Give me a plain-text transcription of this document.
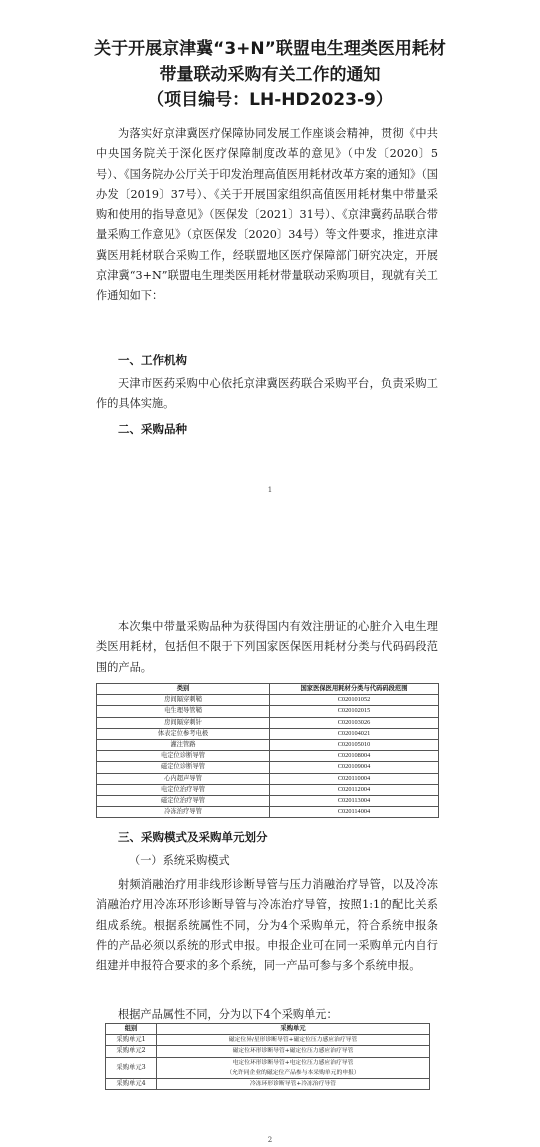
关于开展京津冀“3+N”联盟电生理类医用耗材
带量联动采购有关工作的通知
（项目编号：LH-HD2023-9）
为落实好京津冀医疗保障协同发展工作座谈会精神，贯彻《中共中央国务院关于深化医疗保障制度改革的意见》（中发〔2020〕5号）、《国务院办公厅关于印发治理高值医用耗材改革方案的通知》（国办发〔2019〕37号）、《关于开展国家组织高值医用耗材集中带量采购和使用的指导意见》（医保发〔2021〕31号）、《京津冀药品联合带量采购工作意见》（京医保发〔2020〕34号）等文件要求，推进京津冀医用耗材联合采购工作，经联盟地区医疗保障部门研究决定，开展京津冀“3+N”联盟电生理类医用耗材带量联动采购项目，现就有关工作通知如下：
一、工作机构
天津市医药采购中心依托京津冀医药联合采购平台，负责采购工作的具体实施。
二、采购品种
1
本次集中带量采购品种为获得国内有效注册证的心脏介入电生理类医用耗材，包括但不限于下列国家医保医用耗材分类与代码码段范围的产品。
类别	国家医保医用耗材分类与代码码段范围
房间隔穿刺鞘	C020101052
电生理导管鞘	C020102015
房间隔穿刺针	C020103026
体表定位参考电极	C020104021
灌注管路	C020105010
电定位诊断导管	C020108004
磁定位诊断导管	C020109004
心内超声导管	C020110004
电定位治疗导管	C020112004
磁定位治疗导管	C020113004
冷冻治疗导管	C020114004
三、采购模式及采购单元划分
（一）系统采购模式
射频消融治疗用非线形诊断导管与压力消融治疗导管，以及冷冻消融治疗用冷冻环形诊断导管与冷冻治疗导管，按照1:1的配比关系组成系统。根据系统属性不同，分为4个采购单元，符合系统申报条件的产品必须以系统的形式申报。申报企业可在同一采购单元内自行组建并申报符合要求的多个系统，同一产品可参与多个系统申报。
根据产品属性不同，分为以下4个采购单元：
组别	采购单元
采购单元1	磁定位异/星形诊断导管+磁定位压力感应治疗导管
采购单元2	磁定位环形诊断导管+磁定位压力感应治疗导管
采购单元3	电定位环形诊断导管+电定位压力感应治疗导管
（允许同企业的磁定位产品参与本采购单元的申报）
采购单元4	冷冻环形诊断导管+冷冻治疗导管
2
